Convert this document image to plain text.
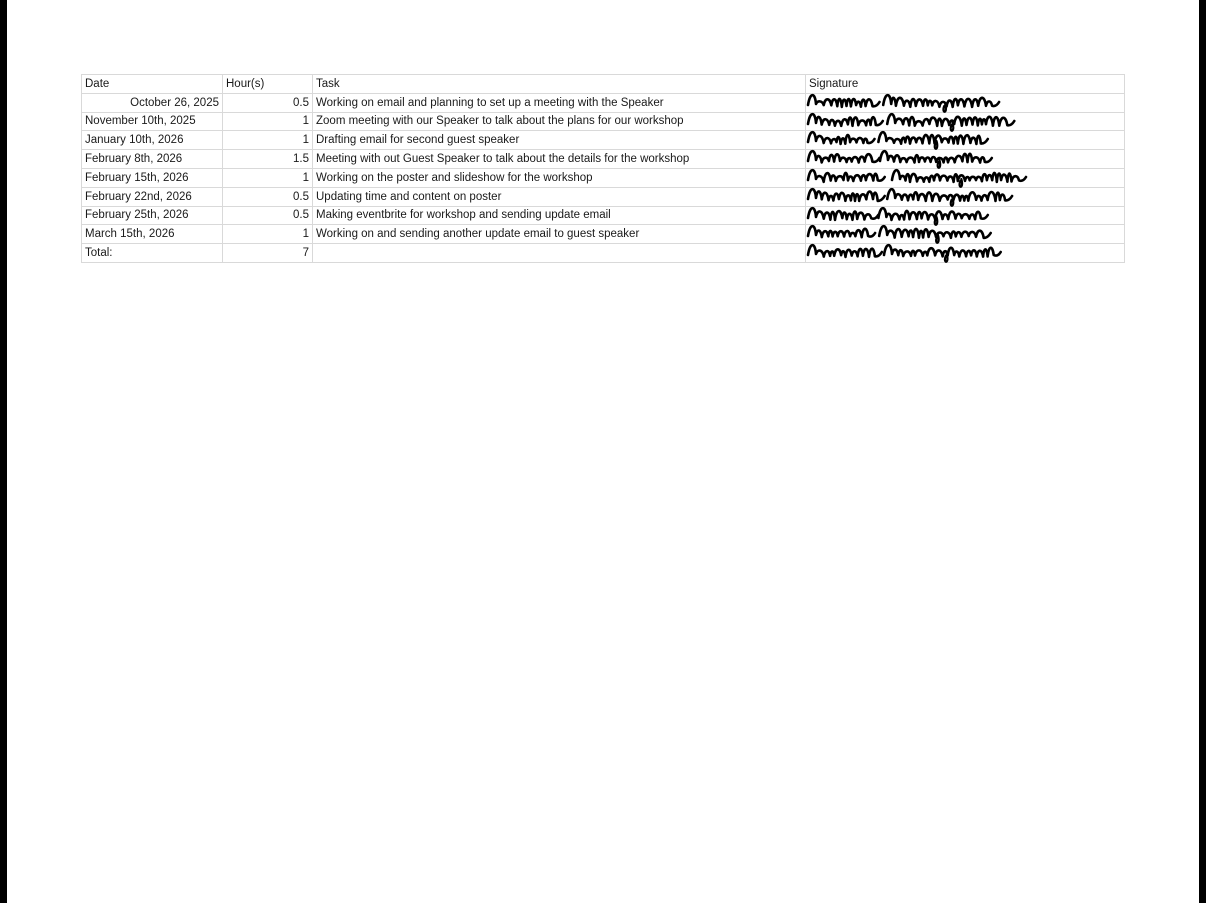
Date	Hour(s)	Task	Signature
October 26, 2025	0.5	Working on email and planning to set up a meeting with the Speaker	

November 10th, 2025	1	Zoom meeting with our Speaker to talk about the plans for our workshop	

January 10th, 2026	1	Drafting email for second guest speaker	

February 8th, 2026	1.5	Meeting with out Guest Speaker to talk about the details for the workshop	

February 15th, 2026	1	Working on the poster and slideshow for the workshop	

February 22nd, 2026	0.5	Updating time and content on poster	

February 25th, 2026	0.5	Making eventbrite for workshop and sending update email	

March 15th, 2026	1	Working on and sending another update email to guest speaker	

Total:	7		
